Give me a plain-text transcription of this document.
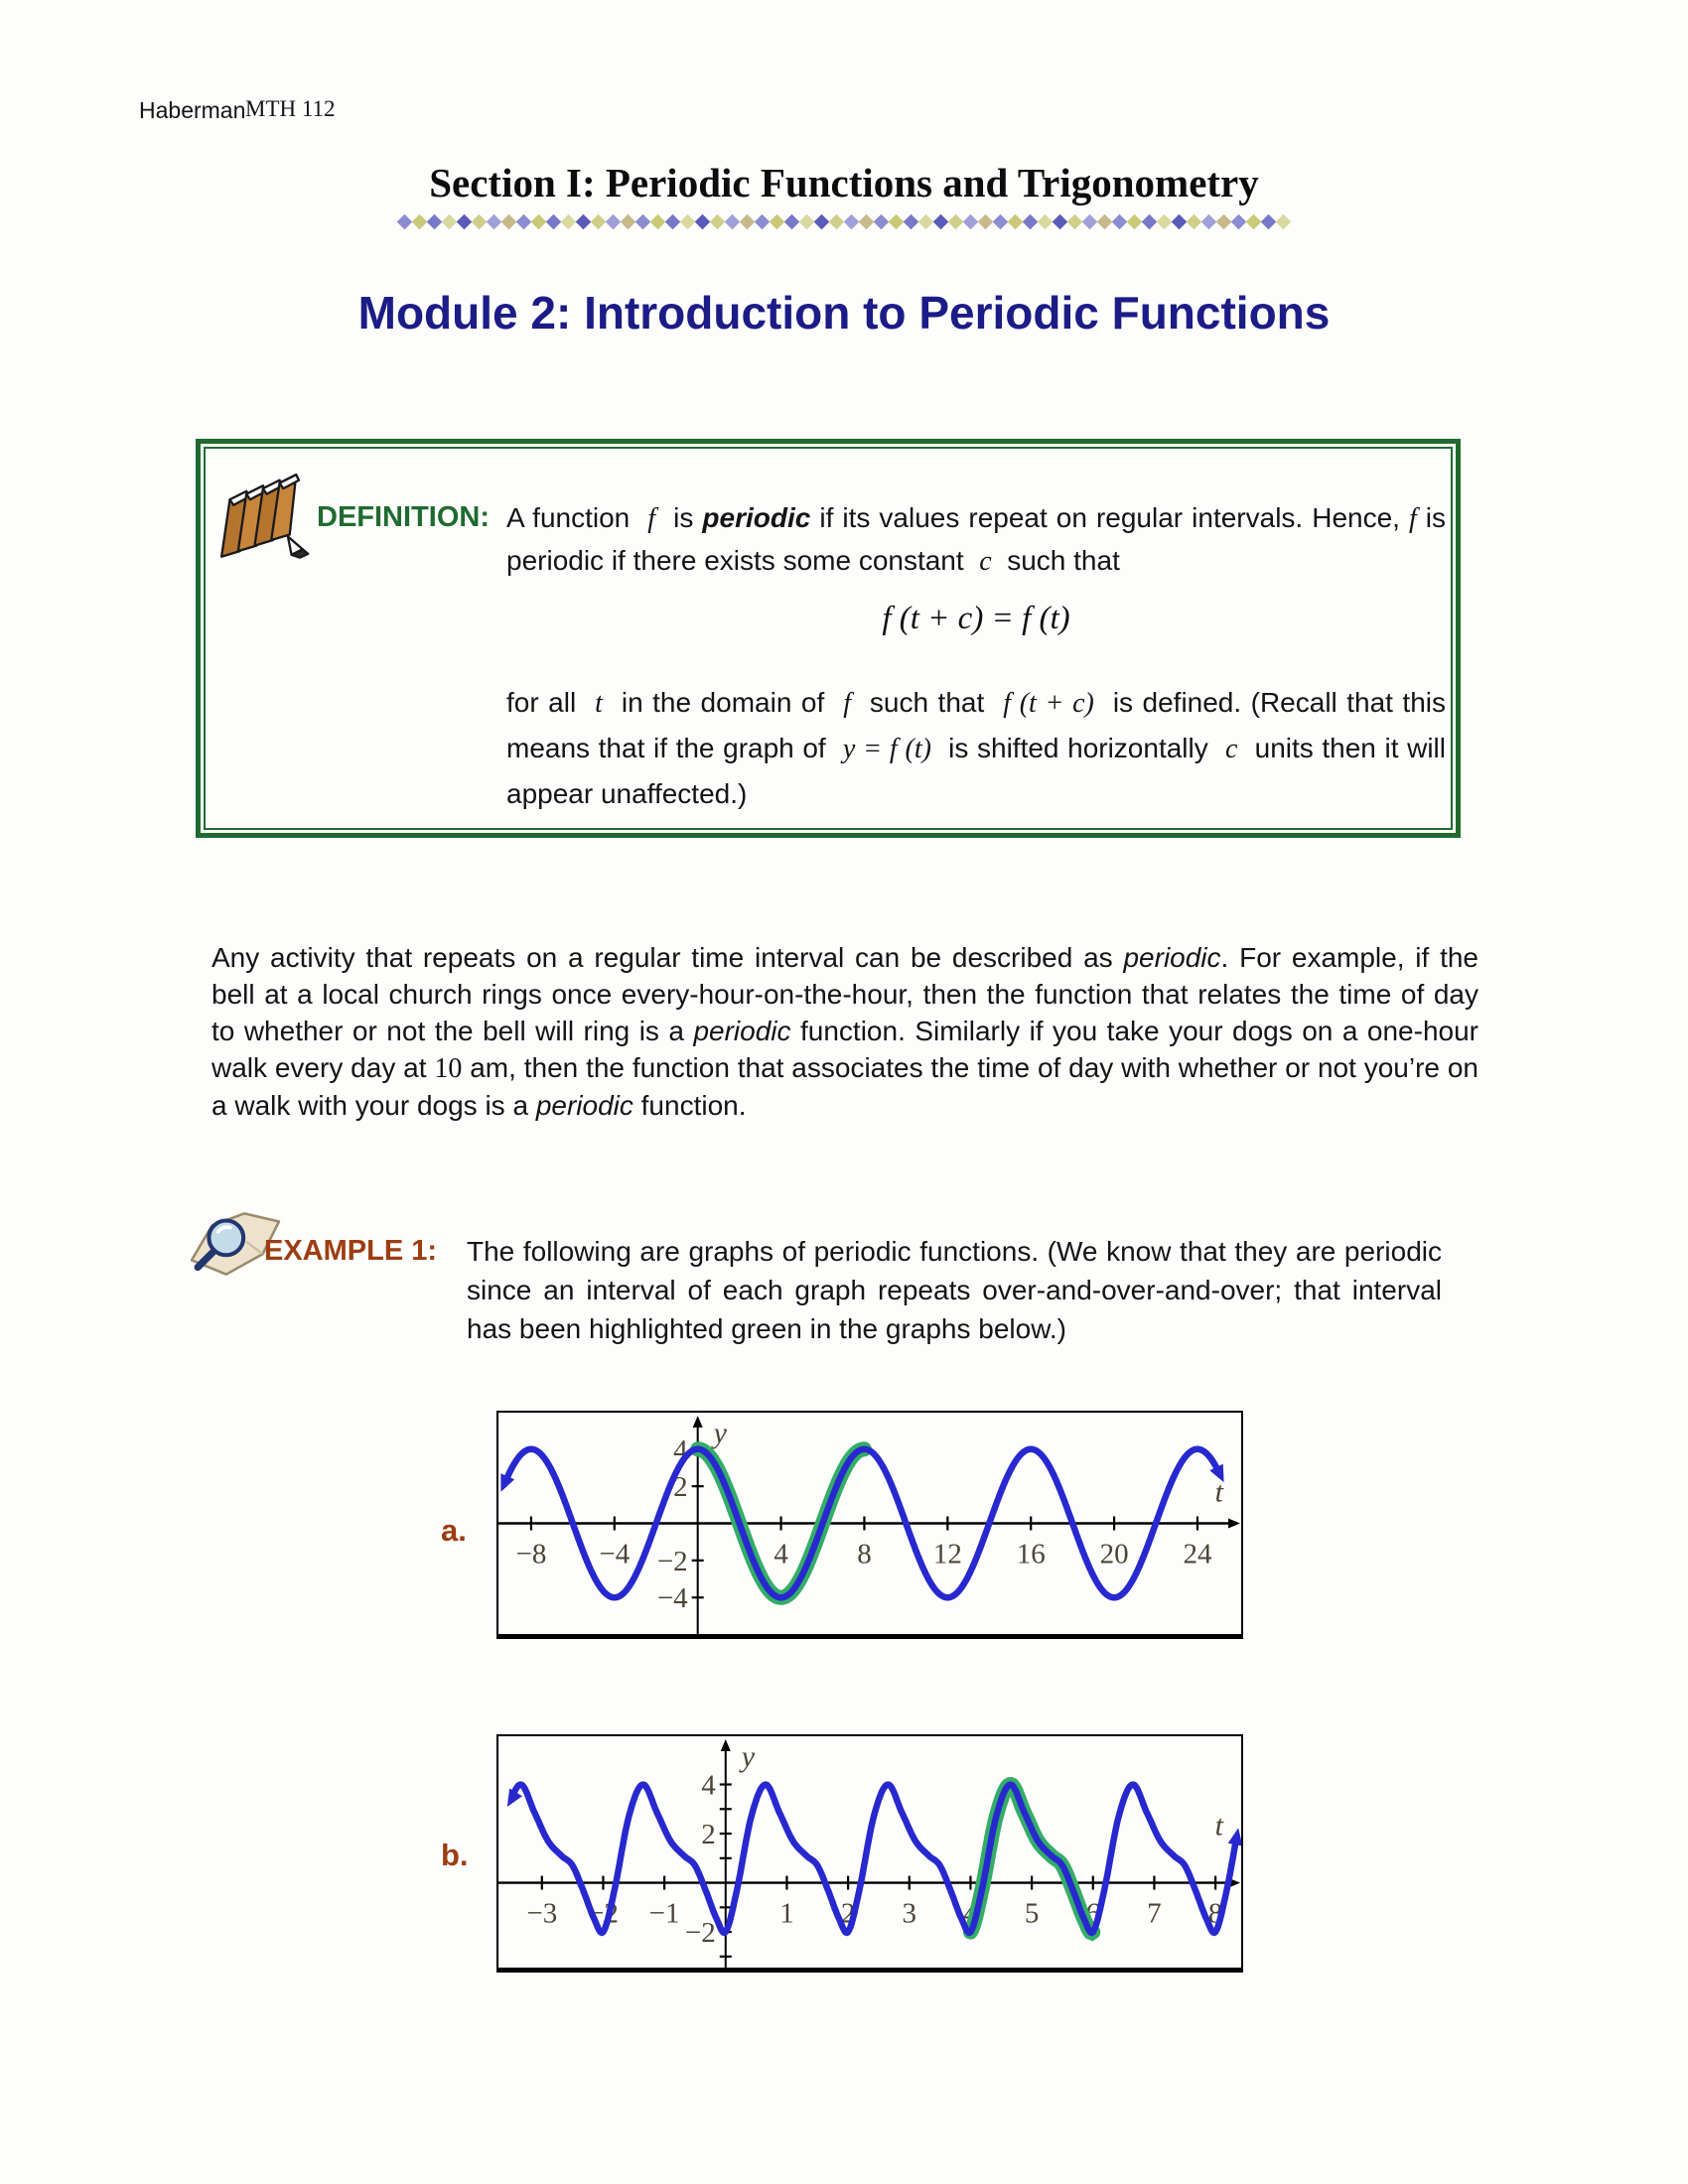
Haberman MTH 112
Section I: Periodic Functions and Trigonometry
Module 2: Introduction to Periodic Functions
DEFINITION: A function  f  is periodic if its values repeat on regular intervals. Hence, f is periodic if there exists some constant  c  such that
f (t + c) = f (t)
for all  t  in the domain of  f  such that  f (t + c)  is defined. (Recall that this means that if the graph of  y = f (t)  is shifted horizontally  c  units then it will appear unaffected.)
Any activity that repeats on a regular time interval can be described as periodic. For example, if the bell at a local church rings once every-hour-on-the-hour, then the function that relates the time of day to whether or not the bell will ring is a periodic function. Similarly if you take your dogs on a one-hour walk every day at 10 am, then the function that associates the time of day with whether or not you’re on a walk with your dogs is a periodic function.
EXAMPLE 1: The following are graphs of periodic functions. (We know that they are periodic since an interval of each graph repeats over-and-over-and-over; that interval has been highlighted green in the graphs below.)
a.
−8 −4	4 8 12 16 20 24
−4
−2
2
4
y
t
b.
−3 −2 −1	1 2 3 4 5 6 7 8
4
2
−2
y
t
